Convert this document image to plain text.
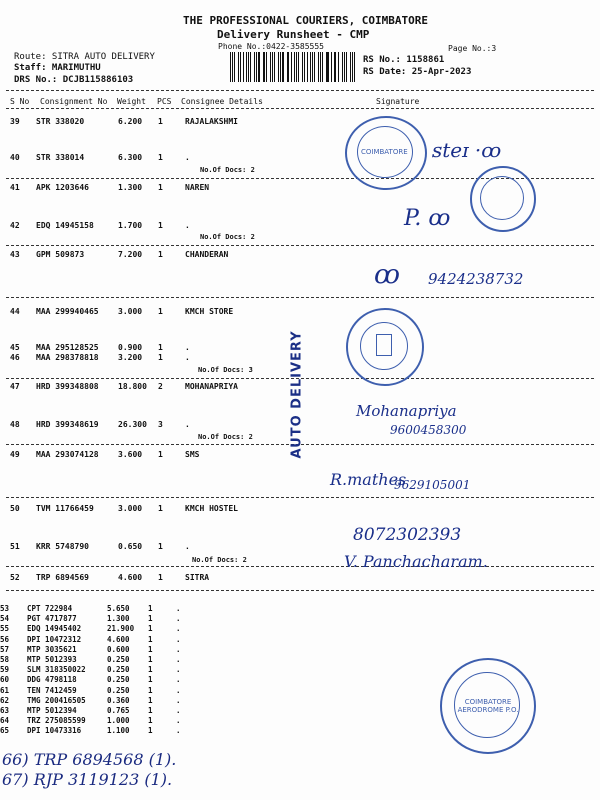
THE PROFESSIONAL COURIERS, COIMBATORE
Delivery Runsheet - CMP
Phone No.:0422-3585555	Page No.:3
Route: SITRA AUTO DELIVERY
Staff: MARIMUTHU
DRS No.: DCJB115886103
RS No.: 1158861
RS Date: 25-Apr-2023
S No Consignment No Weight PCS Consignee Details	Signature
39 STR 338020	6.200 1	RAJALAKSHMI
40 STR 338014	6.300 1	.
41 APK 1203646	1.300 1	NAREN
42 EDQ 14945158	1.700 1	.
43 GPM 509873	7.200 1	CHANDERAN
44 MAA 299940465 3.000 1	KMCH STORE
45 MAA 295128525 0.900 1	.
46 MAA 298378818 3.200 1	.
47 HRD 399348808 18.800 2	MOHANAPRIYA
48 HRD 399348619 26.300 3	.
49 MAA 293074128 3.600 1	SMS
50 TVM 11766459	3.000 1	KMCH HOSTEL
51 KRR 5748790	0.650 1	.
52 TRP 6894569	4.600 1	SITRA
No.Of Docs: 2
No.Of Docs: 2
No.Of Docs: 3
No.Of Docs: 2
No.Of Docs: 2
53 CPT 722984	5.650 1	.
54 PGT 4717877	1.300 1	.
55 EDQ 14945402	21.900 1	.
56 DPI 10472312	4.600 1	.
57 MTP 3035621	0.600 1	.
58 MTP 5012393	0.250 1	.
59 SLM 318350022	0.250 1	.
60 DDG 4798118	0.250 1	.
61 TEN 7412459	0.250 1	.
62 TMG 200416505	0.360 1	.
63 MTP 5012394	0.765 1	.
64 TRZ 275085599	1.000 1	.
65 DPI 10473316	1.100 1	.
COIMBATORE
COIMBATORE AERODROME P.O.
AUTO DELIVERY
ꜱteɪ ·ꝏ
P. ꝏ
ꝏ 9424238732
Mohanapriya
9600458300
R.mathes
9629105001
8072302393
V. Panchacharam.
66) TRP 6894568 (1).
67) RJP 3119123 (1).
